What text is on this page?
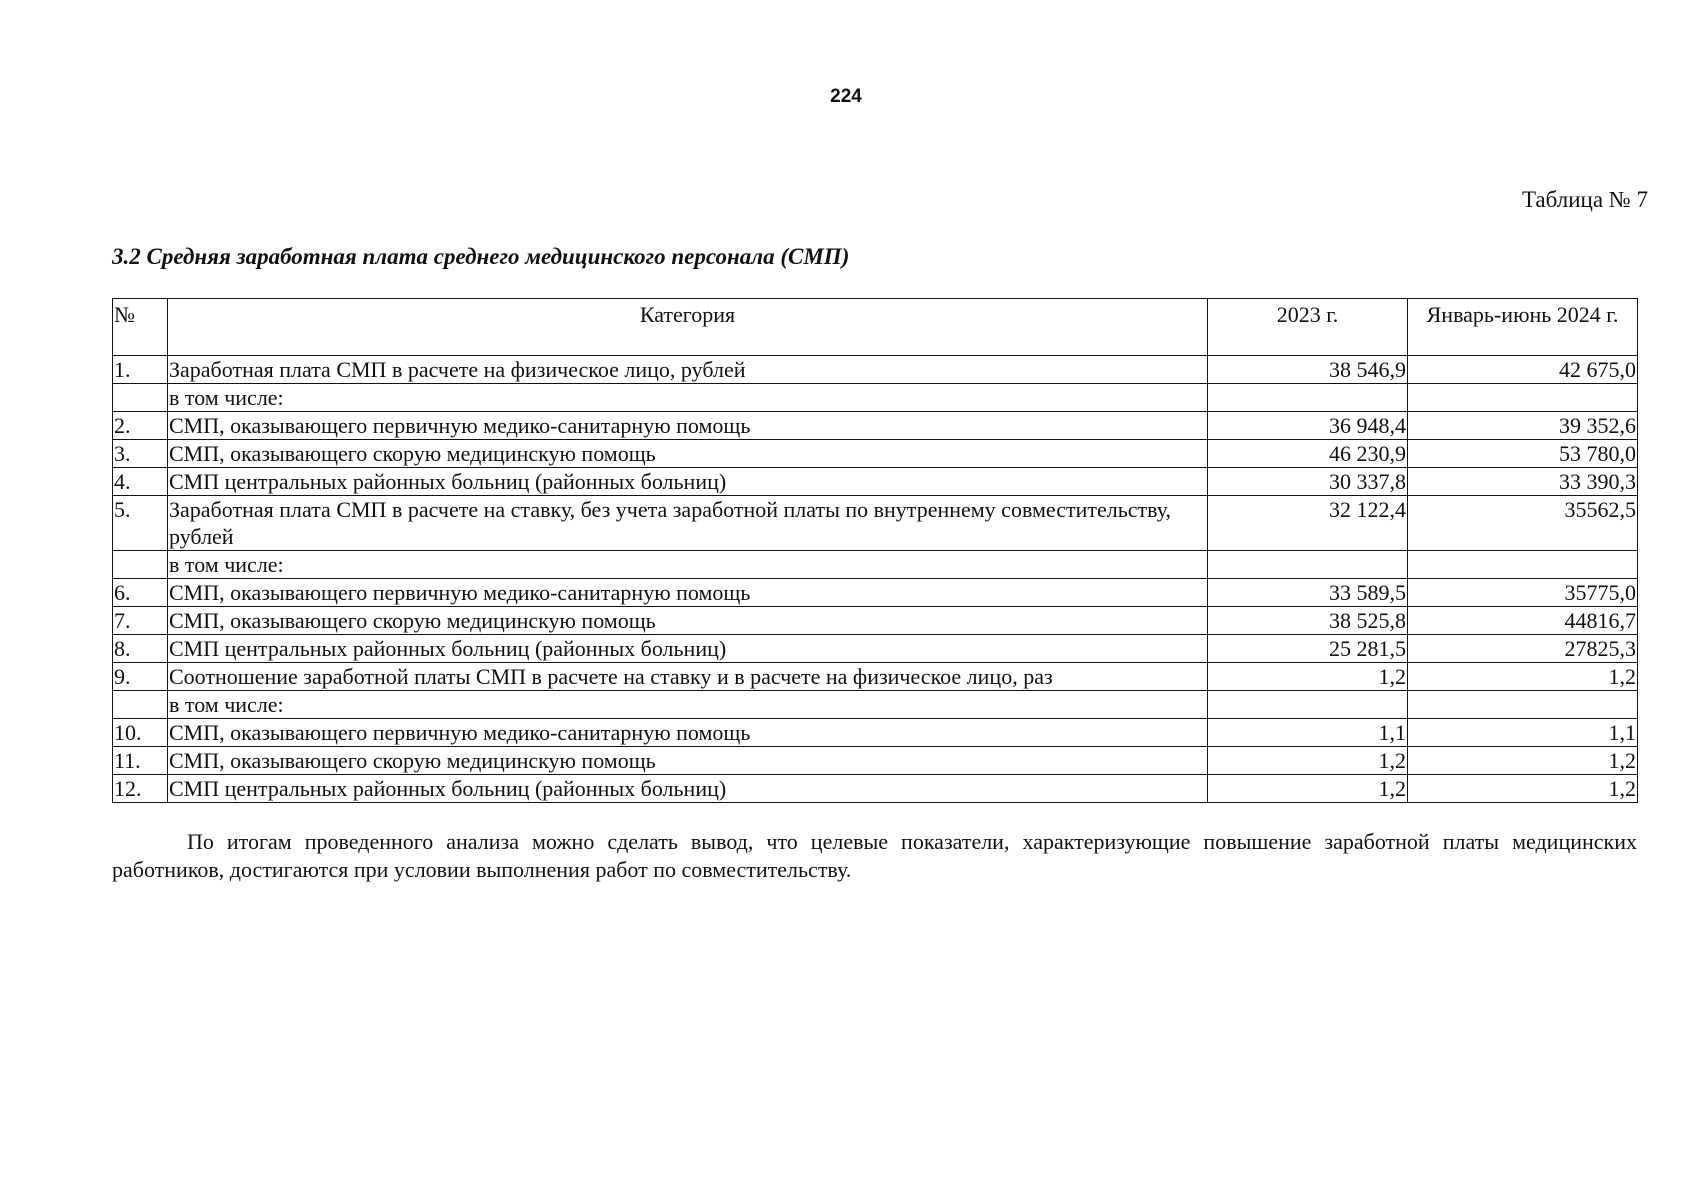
224
Таблица № 7
3.2 Средняя заработная плата среднего медицинского персонала (СМП)
№	Категория	2023 г.	Январь-июнь 2024 г.
1.	Заработная плата СМП в расчете на физическое лицо, рублей	38 546,9	42 675,0
	в том числе:		
2.	СМП, оказывающего первичную медико-санитарную помощь	36 948,4	39 352,6
3.	СМП, оказывающего скорую медицинскую помощь	46 230,9	53 780,0
4.	СМП центральных районных больниц (районных больниц)	30 337,8	33 390,3
5.	Заработная плата СМП в расчете на ставку, без учета заработной платы по внутреннему совместительству, рублей	32 122,4	35562,5
	в том числе:		
6.	СМП, оказывающего первичную медико-санитарную помощь	33 589,5	35775,0
7.	СМП, оказывающего скорую медицинскую помощь	38 525,8	44816,7
8.	СМП центральных районных больниц (районных больниц)	25 281,5	27825,3
9.	Соотношение заработной платы СМП в расчете на ставку и в расчете на физическое лицо, раз	1,2	1,2
	в том числе:		
10.	СМП, оказывающего первичную медико-санитарную помощь	1,1	1,1
11.	СМП, оказывающего скорую медицинскую помощь	1,2	1,2
12.	СМП центральных районных больниц (районных больниц)	1,2	1,2
По итогам проведенного анализа можно сделать вывод, что целевые показатели, характеризующие повышение заработной платы медицинских работников, достигаются при условии выполнения работ по совместительству.
